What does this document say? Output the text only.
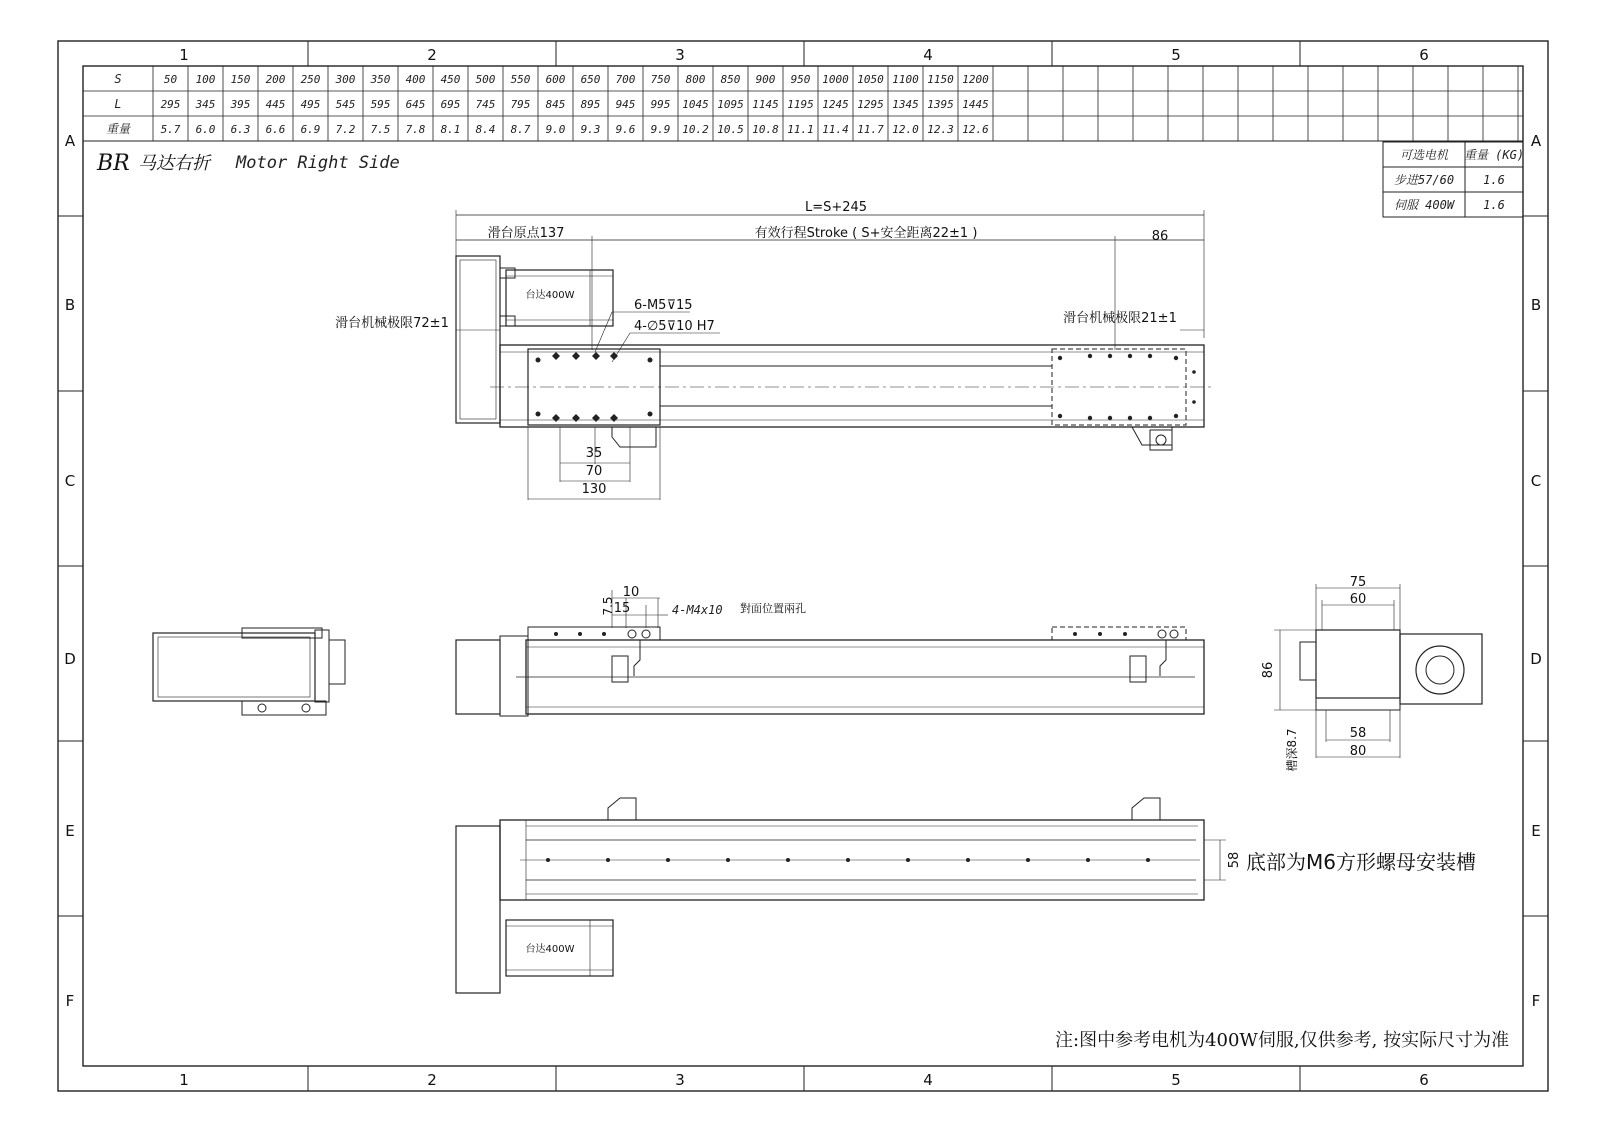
1	2	3	4	5	6
1	2	3	4	5	6
A
B
C
D
E
F
A
B
C
D
E
F
S	50 100 150 200 250 300 350 400 450 500 550 600 650 700 750 800 850 900 950 1000 1050 1100 1150 1200
L	295 345 395 445 495 545 595 645 695 745 795 845 895 945 995 1045 1095 1145 1195 1245 1295 1345 1395 1445
重量	5.7 6.0 6.3 6.6 6.9 7.2 7.5 7.8 8.1 8.4 8.7 9.0 9.3 9.6 9.9 10.2 10.5 10.8 11.1 11.4 11.7 12.0 12.3 12.6
可选电机 重量 (KG)
步进57/60 1.6
伺服 400W 1.6
BR 马达右折 Motor Right Side
L=S+245
滑台原点137	有效行程Stroke ( S+安全距离22±1 )	86
滑台机械极限72±1	滑台机械极限21±1
6-M5⊽15
4-∅5⊽10 H7
台达400W
35
70
130
7.5
10
15	4-M4x10 對面位置兩孔
75
60
86
58
80
槽深8.7
58 底部为M6方形螺母安装槽
台达400W
注:图中参考电机为400W伺服,仅供参考, 按实际尺寸为准
